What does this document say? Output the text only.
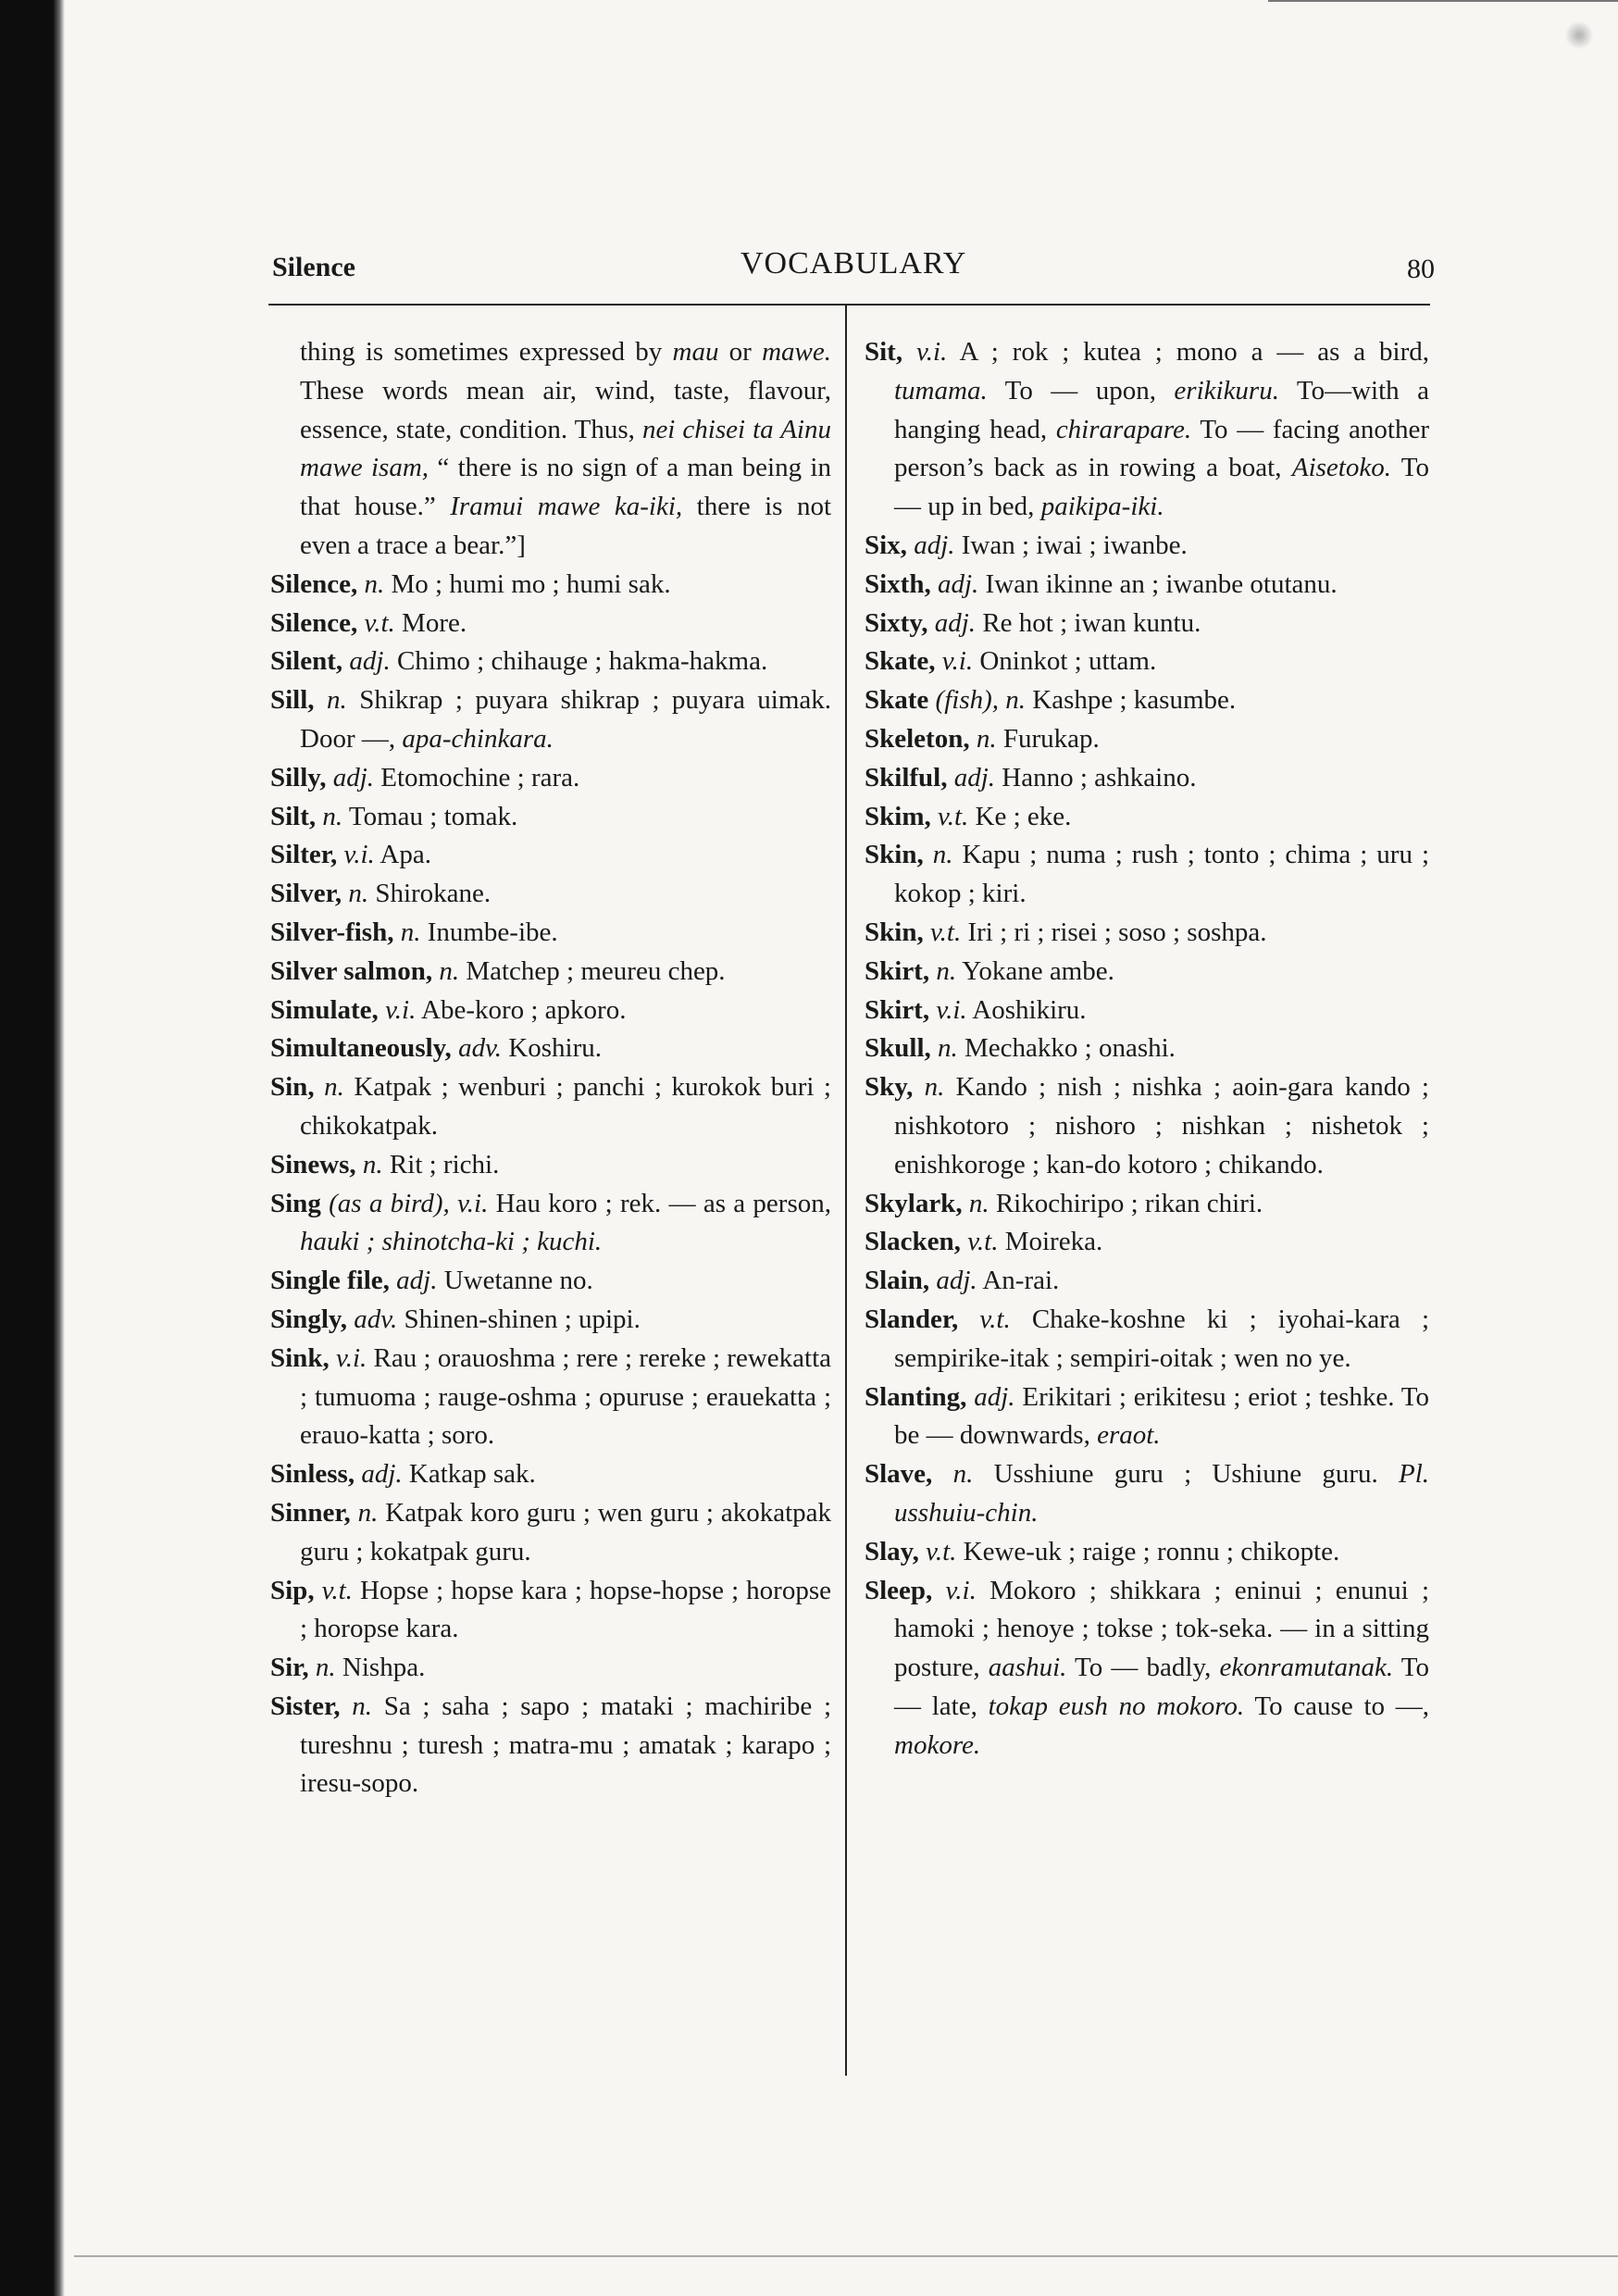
Silence	VOCABULARY	80
thing is sometimes expressed by mau or mawe. These words mean air, wind, taste, flavour, essence, state, condition. Thus, nei chisei ta Ainu mawe isam, “ there is no sign of a man being in that house.” Iramui mawe ka-iki, there is not even a trace a bear.”]
Silence, n. Mo ; humi mo ; humi sak.
Silence, v.t. More.
Silent, adj. Chimo ; chihauge ; hakma-hakma.
Sill, n. Shikrap ; puyara shikrap ; puyara uimak. Door —, apa-chinkara.
Silly, adj. Etomochine ; rara.
Silt, n. Tomau ; tomak.
Silter, v.i. Apa.
Silver, n. Shirokane.
Silver-fish, n. Inumbe-ibe.
Silver salmon, n. Matchep ; meureu chep.
Simulate, v.i. Abe-koro ; apkoro.
Simultaneously, adv. Koshiru.
Sin, n. Katpak ; wenburi ; panchi ; kurokok buri ; chikokatpak.
Sinews, n. Rit ; richi.
Sing (as a bird), v.i. Hau koro ; rek. — as a person, hauki ; shinotcha-ki ; kuchi.
Single file, adj. Uwetanne no.
Singly, adv. Shinen-shinen ; upipi.
Sink, v.i. Rau ; orauoshma ; rere ; rereke ; rewekatta ; tumuoma ; rauge-oshma ; opuruse ; erauekatta ; erauo-katta ; soro.
Sinless, adj. Katkap sak.
Sinner, n. Katpak koro guru ; wen guru ; akokatpak guru ; kokatpak guru.
Sip, v.t. Hopse ; hopse kara ; hopse-hopse ; horopse ; horopse kara.
Sir, n. Nishpa.
Sister, n. Sa ; saha ; sapo ; mataki ; machiribe ; tureshnu ; turesh ; matra-mu ; amatak ; karapo ; iresu-sopo.
Sit, v.i. A ; rok ; kutea ; mono a — as a bird, tumama. To — upon, erikikuru. To—with a hanging head, chirarapare. To — facing another person’s back as in rowing a boat, Aisetoko. To — up in bed, paikipa-iki.
Six, adj. Iwan ; iwai ; iwanbe.
Sixth, adj. Iwan ikinne an ; iwanbe otutanu.
Sixty, adj. Re hot ; iwan kuntu.
Skate, v.i. Oninkot ; uttam.
Skate (fish), n. Kashpe ; kasumbe.
Skeleton, n. Furukap.
Skilful, adj. Hanno ; ashkaino.
Skim, v.t. Ke ; eke.
Skin, n. Kapu ; numa ; rush ; tonto ; chima ; uru ; kokop ; kiri.
Skin, v.t. Iri ; ri ; risei ; soso ; soshpa.
Skirt, n. Yokane ambe.
Skirt, v.i. Aoshikiru.
Skull, n. Mechakko ; onashi.
Sky, n. Kando ; nish ; nishka ; aoin-gara kando ; nishkotoro ; nishoro ; nishkan ; nishetok ; enishkoroge ; kan-do kotoro ; chikando.
Skylark, n. Rikochiripo ; rikan chiri.
Slacken, v.t. Moireka.
Slain, adj. An-rai.
Slander, v.t. Chake-koshne ki ; iyohai-kara ; sempirike-itak ; sempiri-oitak ; wen no ye.
Slanting, adj. Erikitari ; erikitesu ; eriot ; teshke. To be — downwards, eraot.
Slave, n. Usshiune guru ; Ushiune guru. Pl. usshuiu-chin.
Slay, v.t. Kewe-uk ; raige ; ronnu ; chikopte.
Sleep, v.i. Mokoro ; shikkara ; eninui ; enunui ; hamoki ; henoye ; tokse ; tok-seka. — in a sitting posture, aashui. To — badly, ekonramutanak. To — late, tokap eush no mokoro. To cause to —, mokore.
